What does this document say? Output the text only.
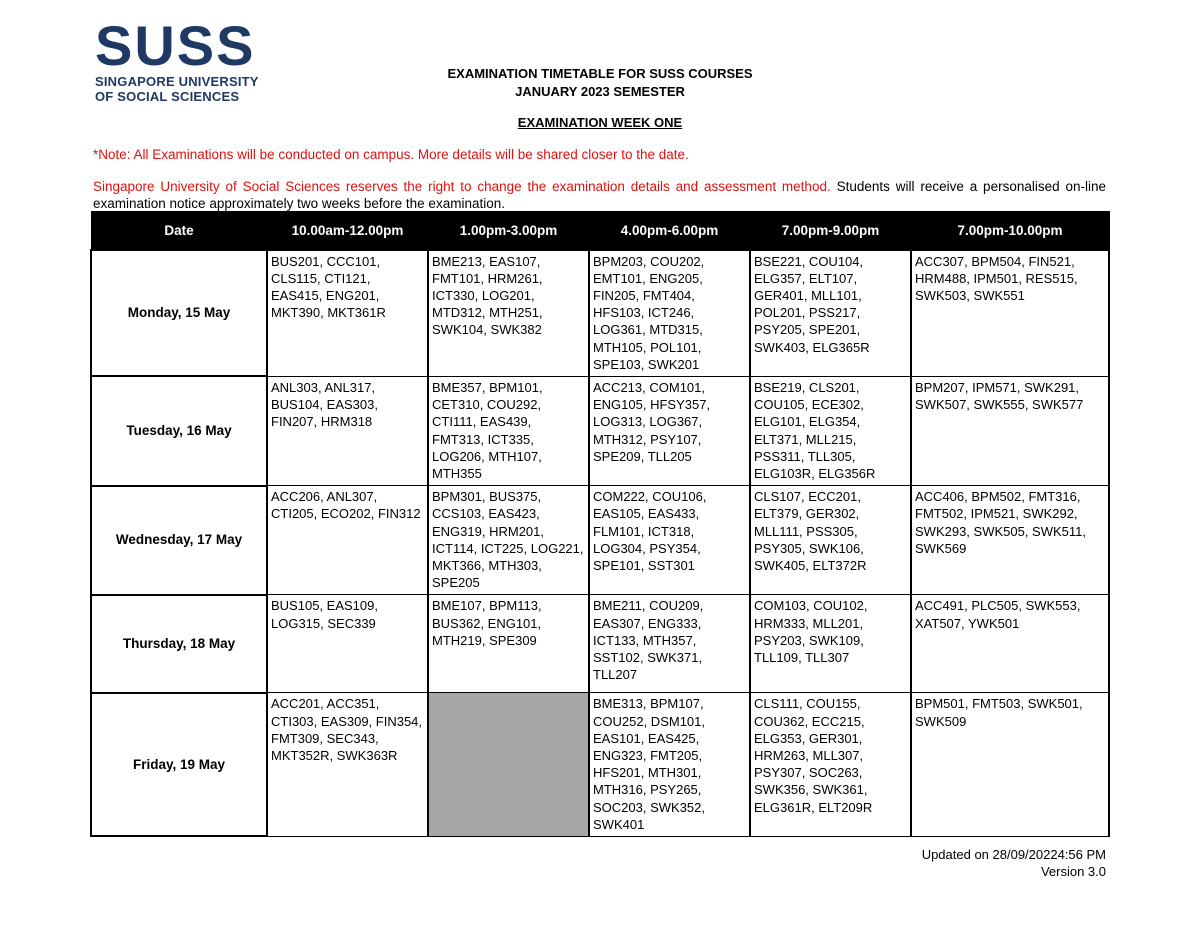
SUSS
SINGAPORE UNIVERSITY
OF SOCIAL SCIENCES
EXAMINATION TIMETABLE FOR SUSS COURSES
JANUARY 2023 SEMESTER
EXAMINATION WEEK ONE
*Note: All Examinations will be conducted on campus. More details will be shared closer to the date.
Singapore University of Social Sciences reserves the right to change the examination details and assessment method. Students will receive a personalised on-line examination notice approximately two weeks before the examination.
Date	10.00am-12.00pm	1.00pm-3.00pm	4.00pm-6.00pm	7.00pm-9.00pm	7.00pm-10.00pm
Monday, 15 May	BUS201, CCC101, CLS115, CTI121, EAS415, ENG201, MKT390, MKT361R	BME213, EAS107, FMT101, HRM261, ICT330, LOG201, MTD312, MTH251, SWK104, SWK382	BPM203, COU202, EMT101, ENG205, FIN205, FMT404, HFS103, ICT246, LOG361, MTD315, MTH105, POL101, SPE103, SWK201	BSE221, COU104, ELG357, ELT107, GER401, MLL101, POL201, PSS217, PSY205, SPE201, SWK403, ELG365R	ACC307, BPM504, FIN521, HRM488, IPM501, RES515, SWK503, SWK551
Tuesday, 16 May	ANL303, ANL317, BUS104, EAS303, FIN207, HRM318	BME357, BPM101, CET310, COU292, CTI111, EAS439, FMT313, ICT335, LOG206, MTH107, MTH355	ACC213, COM101, ENG105, HFSY357, LOG313, LOG367, MTH312, PSY107, SPE209, TLL205	BSE219, CLS201, COU105, ECE302, ELG101, ELG354, ELT371, MLL215, PSS311, TLL305, ELG103R, ELG356R	BPM207, IPM571, SWK291, SWK507, SWK555, SWK577
Wednesday, 17 May	ACC206, ANL307, CTI205, ECO202, FIN312	BPM301, BUS375, CCS103, EAS423, ENG319, HRM201, ICT114, ICT225, LOG221, MKT366, MTH303, SPE205	COM222, COU106, EAS105, EAS433, FLM101, ICT318, LOG304, PSY354, SPE101, SST301	CLS107, ECC201, ELT379, GER302, MLL111, PSS305, PSY305, SWK106, SWK405, ELT372R	ACC406, BPM502, FMT316, FMT502, IPM521, SWK292, SWK293, SWK505, SWK511, SWK569
Thursday, 18 May	BUS105, EAS109, LOG315, SEC339	BME107, BPM113, BUS362, ENG101, MTH219, SPE309	BME211, COU209, EAS307, ENG333, ICT133, MTH357, SST102, SWK371, TLL207	COM103, COU102, HRM333, MLL201, PSY203, SWK109, TLL109, TLL307	ACC491, PLC505, SWK553, XAT507, YWK501
Friday, 19 May	ACC201, ACC351, CTI303, EAS309, FIN354, FMT309, SEC343, MKT352R, SWK363R		BME313, BPM107, COU252, DSM101, EAS101, EAS425, ENG323, FMT205, HFS201, MTH301, MTH316, PSY265, SOC203, SWK352, SWK401	CLS111, COU155, COU362, ECC215, ELG353, GER301, HRM263, MLL307, PSY307, SOC263, SWK356, SWK361, ELG361R, ELT209R	BPM501, FMT503, SWK501, SWK509
Updated on 28/09/20224:56 PM
Version 3.0
